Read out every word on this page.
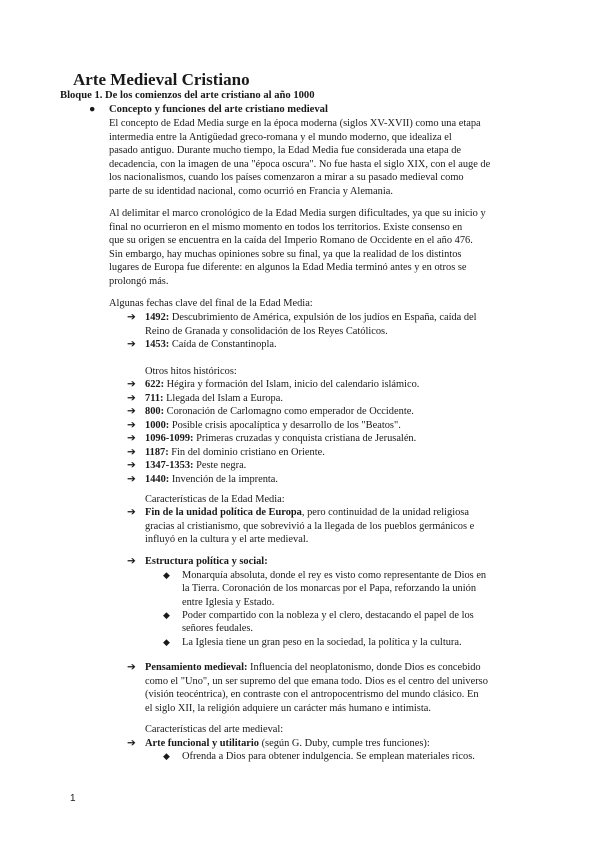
Arte Medieval Cristiano
Bloque 1. De los comienzos del arte cristiano al año 1000
● Concepto y funciones del arte cristiano medieval
El concepto de Edad Media surge en la época moderna (siglos XV-XVII) como una etapa
intermedia entre la Antigüedad greco-romana y el mundo moderno, que idealiza el
pasado antiguo. Durante mucho tiempo, la Edad Media fue considerada una etapa de
decadencia, con la imagen de una "época oscura". No fue hasta el siglo XIX, con el auge de
los nacionalismos, cuando los países comenzaron a mirar a su pasado medieval como
parte de su identidad nacional, como ocurrió en Francia y Alemania.
Al delimitar el marco cronológico de la Edad Media surgen dificultades, ya que su inicio y
final no ocurrieron en el mismo momento en todos los territorios. Existe consenso en
que su origen se encuentra en la caída del Imperio Romano de Occidente en el año 476.
Sin embargo, hay muchas opiniones sobre su final, ya que la realidad de los distintos
lugares de Europa fue diferente: en algunos la Edad Media terminó antes y en otros se
prolongó más.
Algunas fechas clave del final de la Edad Media:
➔ 1492: Descubrimiento de América, expulsión de los judíos en España, caída del
Reino de Granada y consolidación de los Reyes Católicos.
➔ 1453: Caída de Constantinopla.
Otros hitos históricos:
➔ 622: Hégira y formación del Islam, inicio del calendario islámico.
➔ 711: Llegada del Islam a Europa.
➔ 800: Coronación de Carlomagno como emperador de Occidente.
➔ 1000: Posible crisis apocalíptica y desarrollo de los "Beatos".
➔ 1096-1099: Primeras cruzadas y conquista cristiana de Jerusalén.
➔ 1187: Fin del dominio cristiano en Oriente.
➔ 1347-1353: Peste negra.
➔ 1440: Invención de la imprenta.
Características de la Edad Media:
➔ Fin de la unidad política de Europa, pero continuidad de la unidad religiosa
gracias al cristianismo, que sobrevivió a la llegada de los pueblos germánicos e
influyó en la cultura y el arte medieval.
➔ Estructura política y social:
◆ Monarquía absoluta, donde el rey es visto como representante de Dios en
la Tierra. Coronación de los monarcas por el Papa, reforzando la unión
entre Iglesia y Estado.
◆ Poder compartido con la nobleza y el clero, destacando el papel de los
señores feudales.
◆ La Iglesia tiene un gran peso en la sociedad, la política y la cultura.
➔ Pensamiento medieval: Influencia del neoplatonismo, donde Dios es concebido
como el "Uno", un ser supremo del que emana todo. Dios es el centro del universo
(visión teocéntrica), en contraste con el antropocentrismo del mundo clásico. En
el siglo XII, la religión adquiere un carácter más humano e intimista.
Características del arte medieval:
➔ Arte funcional y utilitario (según G. Duby, cumple tres funciones):
◆ Ofrenda a Dios para obtener indulgencia. Se emplean materiales ricos.
1
